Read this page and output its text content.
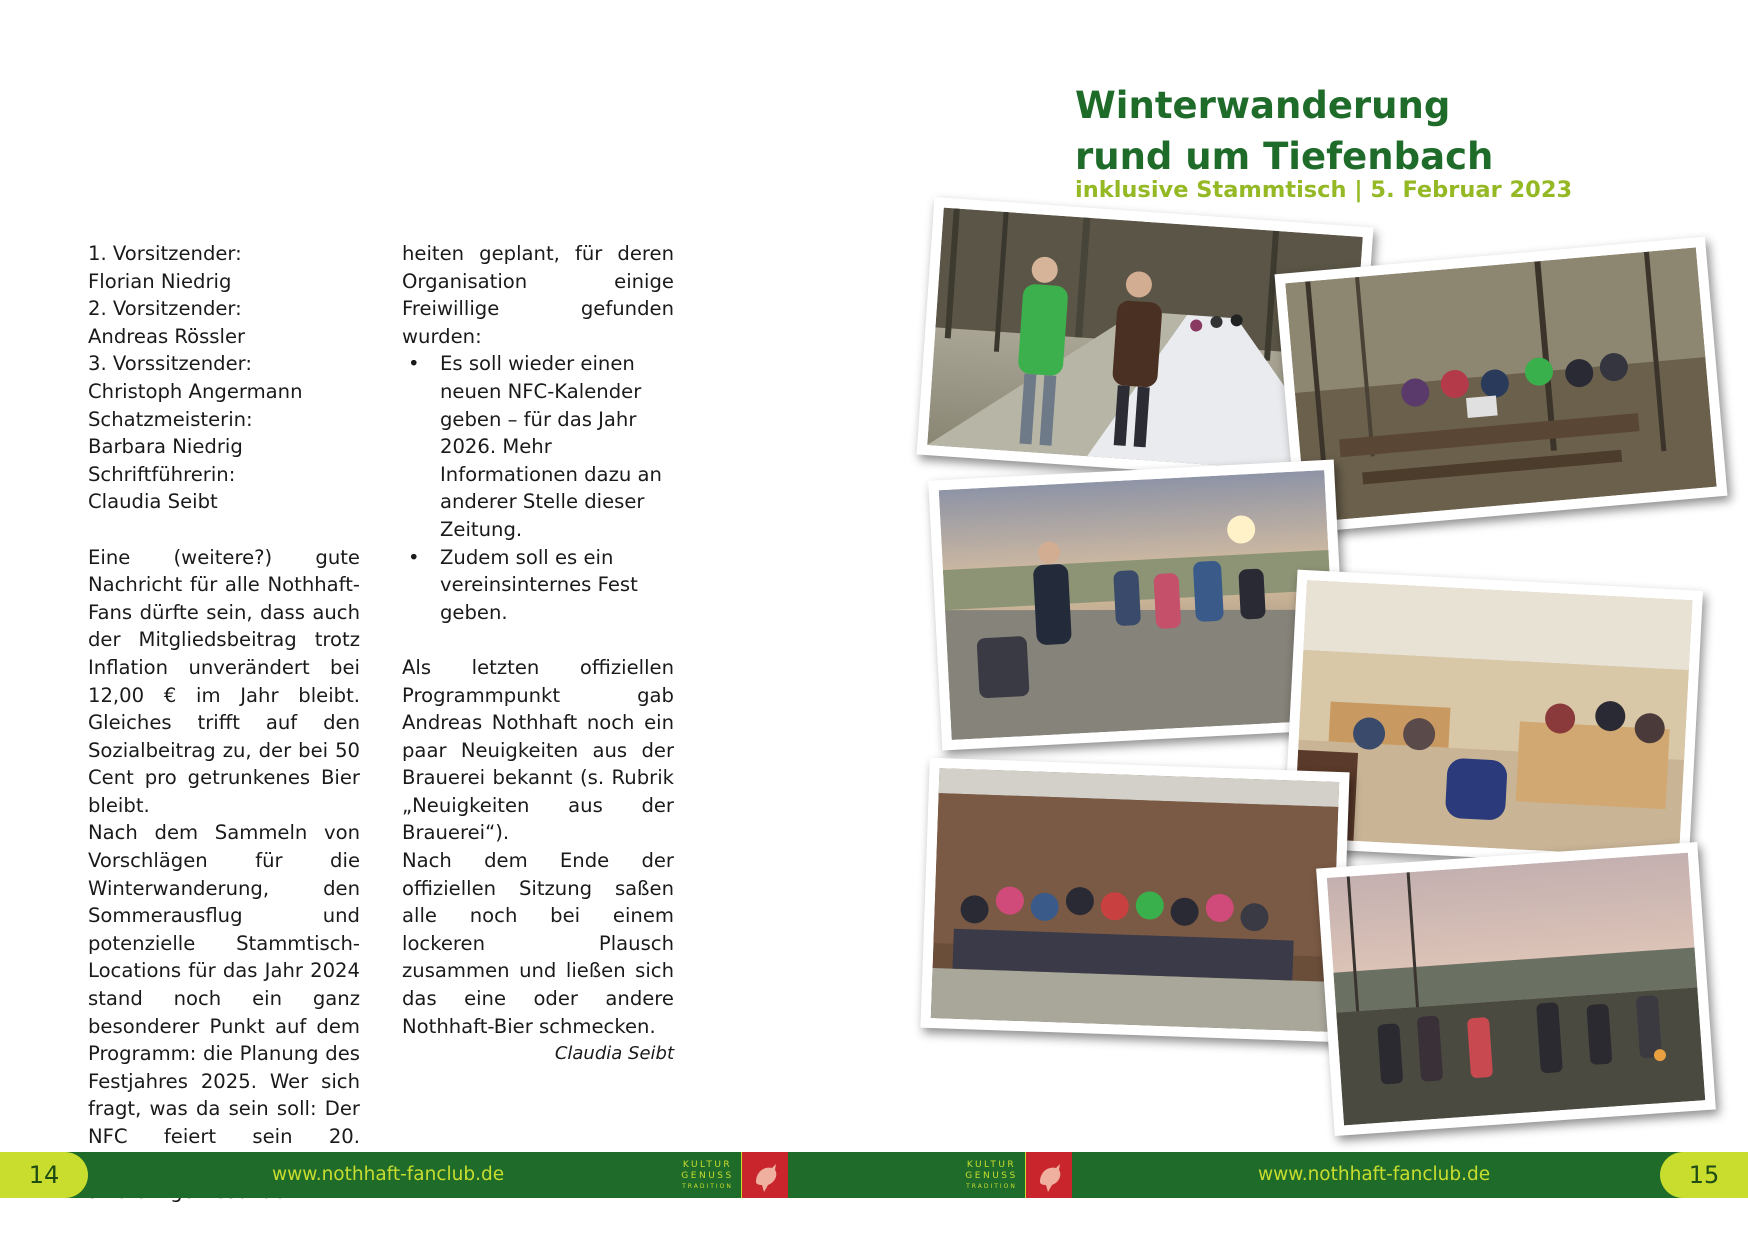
1. Vorsitzender:

Florian Niedrig

2. Vorsitzender:

Andreas Rössler

3. Vorssitzender:

Christoph Angermann

Schatzmeisterin:

Barbara Niedrig

Schriftführerin:

Claudia Seibt

Eine (weitere?) gute Nachricht für alle Nothhaft-Fans dürfte sein, dass auch der Mitgliedsbeitrag trotz Inflation unverändert bei 12,00 € im Jahr bleibt. Gleiches trifft auf den Sozialbeitrag zu, der bei 50 Cent pro getrunkenes Bier bleibt.

Nach dem Sammeln von Vorschlägen für die Winterwanderung, den Sommerausflug und potenzielle Stammtisch-Locations für das Jahr 2024 stand noch ein ganz besonderer Punkt auf dem Programm: die Planung des Festjahres 2025. Wer sich fragt, was da sein soll: Der NFC feiert sein 20.

heiten geplant, für deren Organisation einige Freiwillige gefunden wurden:

• Es soll wieder einen neuen NFC-Kalender geben – für das Jahr 2026. Mehr Informationen dazu an anderer Stelle dieser Zeitung.
• Zudem soll es ein vereinsinternes Fest geben.

Als letzten offiziellen Programmpunkt gab Andreas Nothhaft noch ein paar Neuigkeiten aus der Brauerei bekannt (s. Rubrik „Neuigkeiten aus der Brauerei“).

Nach dem Ende der offiziellen Sitzung saßen alle noch bei einem lockeren Plausch zusammen und ließen sich das eine oder andere Nothhaft-Bier schmecken.

Claudia Seibt

Winterwanderung
rund um Tiefenbach

inklusive Stammtisch | 5. Februar 2023

14	www.nothhaft-fanclub.de	KULTUR
GENUSS
TRADITION
KULTUR
GENUSS
TRADITION
www.nothhaft-fanclub.de	15
